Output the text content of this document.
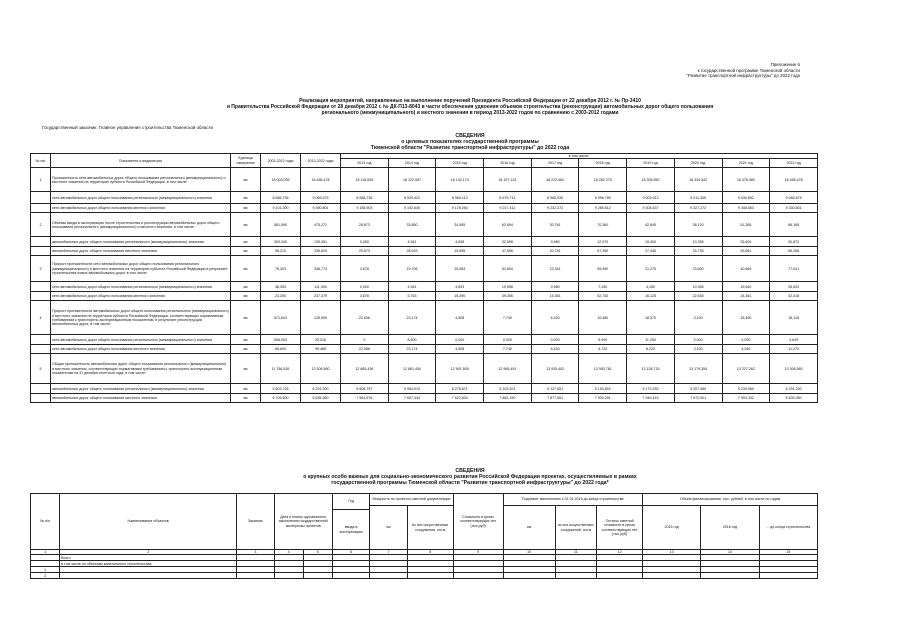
Приложение 6
к государственной программе Тюменской области
"Развитие транспортной инфраструктуры" до 2022 года
Реализация мероприятий, направленных на выполнение поручений Президента Российской Федерации от 22 декабря 2012 г. № Пр-3410
и Правительства Российской Федерации от 28 декабря 2012 г. № ДК-П13-8043 в части обеспечения удвоения объемов строительства (реконструкции) автомобильных дорог общего пользования
регионального (межмуниципального) и местного значения в период 2013-2022 годов по сравнению с 2003-2012 годами
Государственный заказчик: Главное управление строительства Тюменской области
СВЕДЕНИЯ
о целевых показателях государственной программы
Тюменской области "Развитие транспортной инфраструктуры" до 2022 года
№ п/п	Показатели и индикаторы	Единица измерения	2003-2012 годы	2013-2022 годы	в том числе:									
					2013 год	2014 год	2015 год	2016 год	2017 год	2018 год	2019 год	2020 год	2021 год	2022 год
1	Протяженность сети автомобильных дорог общего пользования регионального (межмуниципального) и местного значения на территории субъекта Российской Федерации, в том числе:	км	18 003,036	18 456,478	18 115,639	18 122,067	18 142,174	18 197,124	18 222,462	18 282,275	18 305,550	18 334,542	18 378,480	18 456,478
	сети автомобильных дорог общего пользования регионального (межмуниципального) значения	км	8 858,736	9 065,675	8 958,736	8 929,422	8 964,113	8 979,713	8 985,930	8 996,789	9 003,913	9 011,305	9 039,652	9 065,675
	сети автомобильных дорог общего пользования местного значения	км	9 101,300	9 390,801	9 156,903	9 192,645	9 178,064	9 217,411	9 232,372	9 285,512	9 304,637	9 327,272	9 348,563	9 330,801
2	Объемы ввода в эксплуатацию после строительства и реконструкции автомобильных дорог общего пользования регионального (межмуниципального) и местного значения, в том числе:	км	581,590	475,271	28,673	33,850	24,595	62,694	30,761	70,360	42,845	38,120	51,265	86,165
	автомобильных дорог общего пользования регионального (межмуниципального) значения	км	393,340	139,451	0,000	4,941	4,698	32,598	9,980	12,970	15,400	10,355	25,604	30,872
	автомобильных дорог общего пользования местного значения	км	98,210	335,820	20,673	28,933	19,896	47,096	20,781	57,390	27,445	25,735	25,661	56,268
3	Прирост протяженности сети автомобильных дорог общего пользования регионального (межмуниципального) и местного значения на территории субъекта Российской Федерации в результате строительства новых автомобильных дорог, в том числе:	км	76,303	348,773	3,678	19,706	25,083	54,654	23,341	59,990	21,275	23,600	40,665	77,041
	сети автомобильных дорог общего пользования регионального (межмуниципального) значения	км	48,353	111,394	0,000	4,941	4,693	19,598	9,980	7,250	4,150	10,355	19,640	35,003
	сети автомобильных дорог общего пользования местного значения	км	23,250	237,379	3,678	5,763	15,390	39,356	15,361	52,740	16,125	22,635	24,361	42,018
4	Прирост протяженности автомобильных дорог общего пользования регионального (межмуниципального) и местного значения на территории субъекта Российской Федерации, соответствующих нормативным требованиям к транспортно-эксплуатационным показателям, в результате реконструкции автомобильных дорог, в том числе:	км	571,603	126,505	22,636	23,174	4,508	7,740	6,420	10,480	18,570	3,100	15,450	15,118
	сети автомобильных дорог общего пользования регионального (межмуниципального) значения	км	506,003	25,016	0	8,600	0,000	0,000	0,000	5,900	11,250	0,000	0,000	4,649
	сети автомобильных дорог общего пользования местного значения	км	65,600	99,488	22,986	23,174	4,508	7,740	6,420	5,720	6,220	3,100	4,340	11,270
5	Общая протяженность автомобильных дорог общего пользования регионального (межмуниципального) и местного значения, соответствующих нормативным требованиям к транспортно-эксплуатационным показателям на 31 декабря отчетного года, в том числе:	км	11 756,526	13 306,560	12 683,436	12 861,454	12 901,505	12 965,491	13 005,402	13 083,761	13 128,715	13 179,354	13 227,262	13 306,560
	автомобильных дорог общего пользования регионального (межмуниципального) значения	км	5 603,726	6 291,200	5 608,757	5 964,019	6 278,671	5 103,201	5 127,851	5 153,802	5 179,330	5 207,360	5 239,960	6 291,200
	автомобильных дорог общего пользования местного значения	км	6 705,600	6 635,360	7 561,676	7 607,444	7 622,834	7 862,190	7 877,551	7 930,291	7 949,415	7 972,001	7 993,302	6 635,360
СВЕДЕНИЯ
о крупных особо важных для социально-экономического развития Российской Федерации проектах, осуществляемых в рамках
государственной программы Тюменской области "Развитие транспортной инфраструктуры" до 2022 года*
№ п/п	Наименование объектов	Заказчик	Дата и номер однозначного заключения государственной экспертизы проектов		Год	Мощность по проектно-сметной документации		Стоимость в ценах соответствующих лет (тыс.руб)	Подлежит выполнению с 01.01.2015 до конца строительства			Объем финансирования, тыс. рублей, в том числе по годам		
						км	из них искусственные сооружения, пог.м		км	из них искусственных сооружений, пог.м	Остаток сметной стоимости в ценах соответствующих лет (тыс.руб)	2015 год	2016 год	... до конца строительства
					ввода в эксплуатацию									
1	2	3	4	5	6	7	8	9	10	11	12	13	14	15
	Всего													
	в том числе по объектам капитального строительства:													
1														
2														
